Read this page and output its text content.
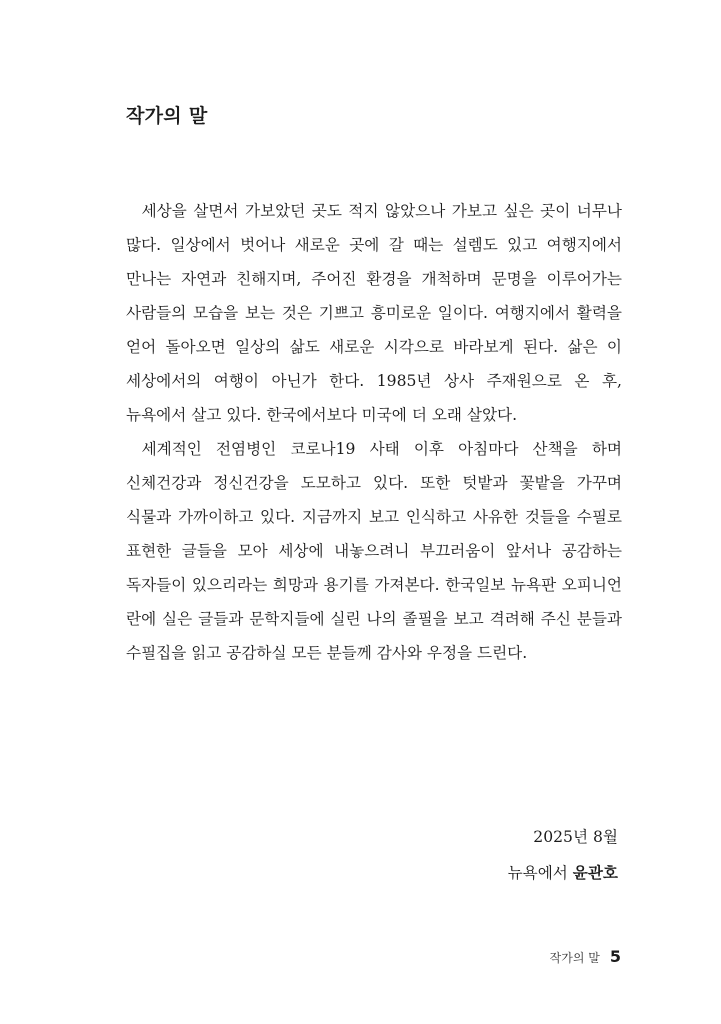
작가의 말

세상을 살면서 가보았던 곳도 적지 않았으나 가보고 싶은 곳이 너무나 많다. 일상에서 벗어나 새로운 곳에 갈 때는 설렘도 있고 여행지에서 만나는 자연과 친해지며, 주어진 환경을 개척하며 문명을 이루어가는 사람들의 모습을 보는 것은 기쁘고 흥미로운 일이다. 여행지에서 활력을 얻어 돌아오면 일상의 삶도 새로운 시각으로 바라보게 된다. 삶은 이 세상에서의 여행이 아닌가 한다. 1985년 상사 주재원으로 온 후, 뉴욕에서 살고 있다. 한국에서보다 미국에 더 오래 살았다.

세계적인 전염병인 코로나19 사태 이후 아침마다 산책을 하며 신체건강과 정신건강을 도모하고 있다. 또한 텃밭과 꽃밭을 가꾸며 식물과 가까이하고 있다. 지금까지 보고 인식하고 사유한 것들을 수필로 표현한 글들을 모아 세상에 내놓으려니 부끄러움이 앞서나 공감하는 독자들이 있으리라는 희망과 용기를 가져본다. 한국일보 뉴욕판 오피니언 란에 실은 글들과 문학지들에 실린 나의 졸필을 보고 격려해 주신 분들과 수필집을 읽고 공감하실 모든 분들께 감사와 우정을 드린다.

2025년 8월
뉴욕에서 윤관호
작가의 말 5
